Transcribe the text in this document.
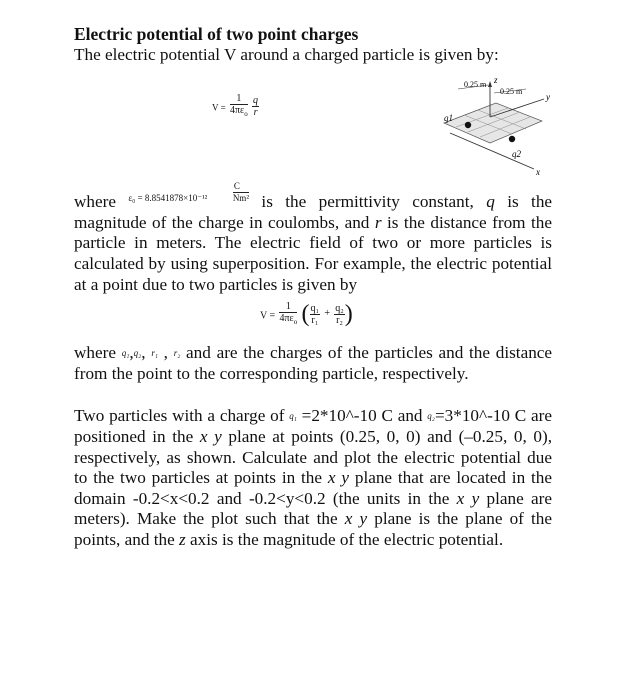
Electric potential of two point charges

The electric potential V around a charged particle is given by:

$V = \frac{1}{4\pi\varepsilon_o}$
$\frac{q}{r}$
0.25 m
0.25 m
z
y
x
q1
q2

where ε₀ = 8.8541878×10⁻¹²	$\frac{C}{\text{Nm²}}$ is the permittivity constant, q is the magnitude of the charge in coulombs, and r is the distance from the particle in meters. The electric field of two or more particles is calculated by using superposition. For example, the electric potential at a point due to two particles is given by

$V = \frac{1}{4\pi\varepsilon_o}$ ( $\frac{\text{q₁}}{\text{r₁}} + \frac{\text{q₂}}{\text{r₂}}$ )

where q₁,q₂, r₁ , r₂ and are the charges of the particles and the distance from the point to the corresponding particle, respectively.

Two particles with a charge of q₁ =2*10^-10 C and q₂=3*10^-10 C are positioned in the x y plane at points (0.25, 0, 0) and (–0.25, 0, 0), respectively, as shown. Calculate and plot the electric potential due to the two particles at points in the x y plane that are located in the domain -0.2<x<0.2 and -0.2<y<0.2 (the units in the x y plane are meters). Make the plot such that the x y plane is the plane of the points, and the z axis is the magnitude of the electric potential.
